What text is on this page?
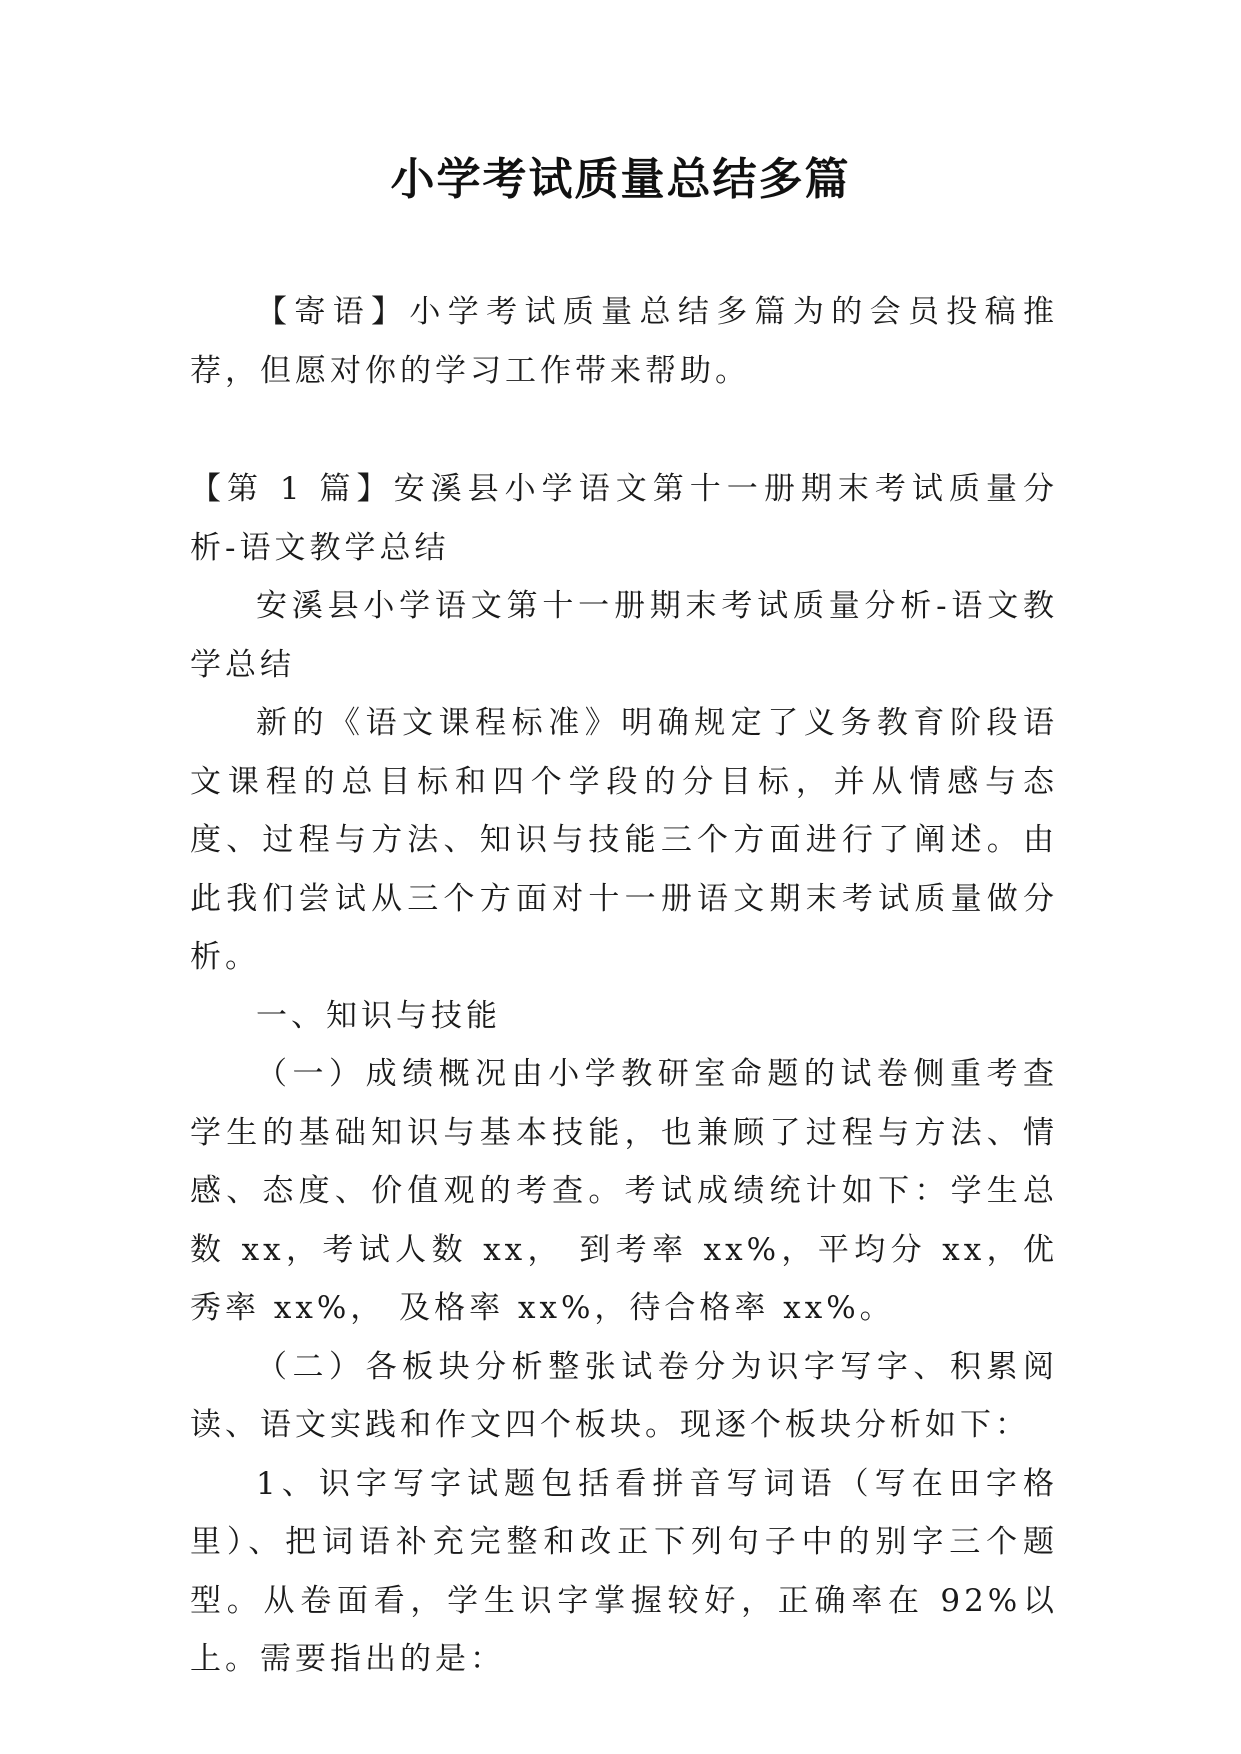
小学考试质量总结多篇

【寄语】小学考试质量总结多篇为的会员投稿推荐，但愿对你的学习工作带来帮助。

【第 1 篇】安溪县小学语文第十一册期末考试质量分析-语文教学总结

安溪县小学语文第十一册期末考试质量分析-语文教学总结

新的《语文课程标准》明确规定了义务教育阶段语文课程的总目标和四个学段的分目标，并从情感与态度、过程与方法、知识与技能三个方面进行了阐述。由此我们尝试从三个方面对十一册语文期末考试质量做分析。

一、知识与技能

（一）成绩概况由小学教研室命题的试卷侧重考查学生的基础知识与基本技能，也兼顾了过程与方法、情感、态度、价值观的考查。考试成绩统计如下：学生总数 xx，考试人数 xx， 到考率 xx%，平均分 xx，优秀率 xx%， 及格率 xx%，待合格率 xx%。

（二）各板块分析整张试卷分为识字写字、积累阅读、语文实践和作文四个板块。现逐个板块分析如下：

1、识字写字试题包括看拼音写词语（写在田字格里）、把词语补充完整和改正下列句子中的别字三个题型。从卷面看，学生识字掌握较好，正确率在 92%以上。需要指出的是：
